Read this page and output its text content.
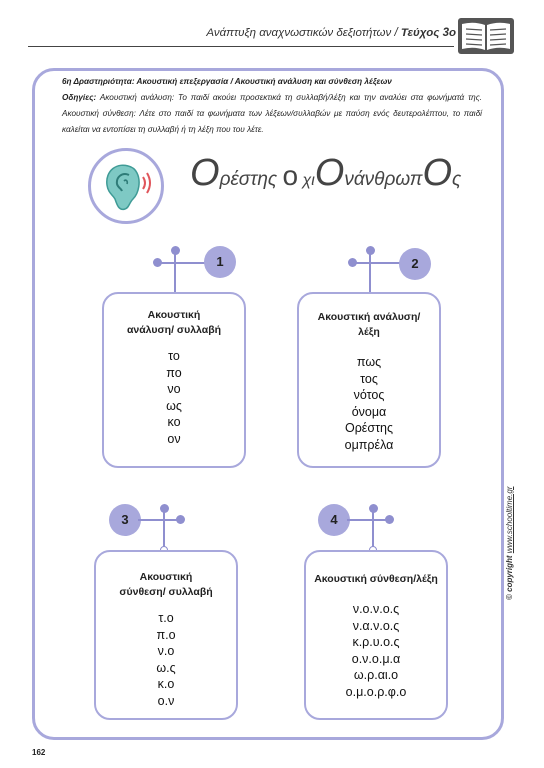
Ανάπτυξη αναχνωστικών δεξιοτήτων / Τεύχος 3ο
6η Δραστηριότητα: Ακουστική επεξεργασία / Ακουστική ανάλυση και σύνθεση λέξεων
Οδηγίες: Ακουστική ανάλυση: Το παιδί ακούει προσεκτικά τη συλλαβή/λέξη και την αναλύει στα φωνήματά της. Ακουστική σύνθεση: Λέτε στο παιδί τα φωνήματα των λέξεων/συλλαβών με παύση ενός δευτερολέπτου, το παιδί καλείται να εντοπίσει τη συλλαβή ή τη λέξη που του λέτε.
Ορέστης ο χιΟνάνθρωπΟς
1
Ακουστική ανάλυση/ συλλαβή
το
πο
νο
ως
κο
ον
2
Ακουστική ανάλυση/λέξη
πως
τος
νότος
όνομα
Ορέστης
ομπρέλα
3
Ακουστική σύνθεση/ συλλαβή
τ.ο
π.ο
ν.ο
ω.ς
κ.ο
ο.ν
4
Ακουστική σύνθεση/λέξη
ν.ο.ν.ο.ς
ν.α.ν.ο.ς
κ.ρ.υ.ο.ς
ο.ν.ο.μ.α
ω.ρ.αι.ο
ο.μ.ο.ρ.φ.ο
© copyright www.schooltime.gr
162
